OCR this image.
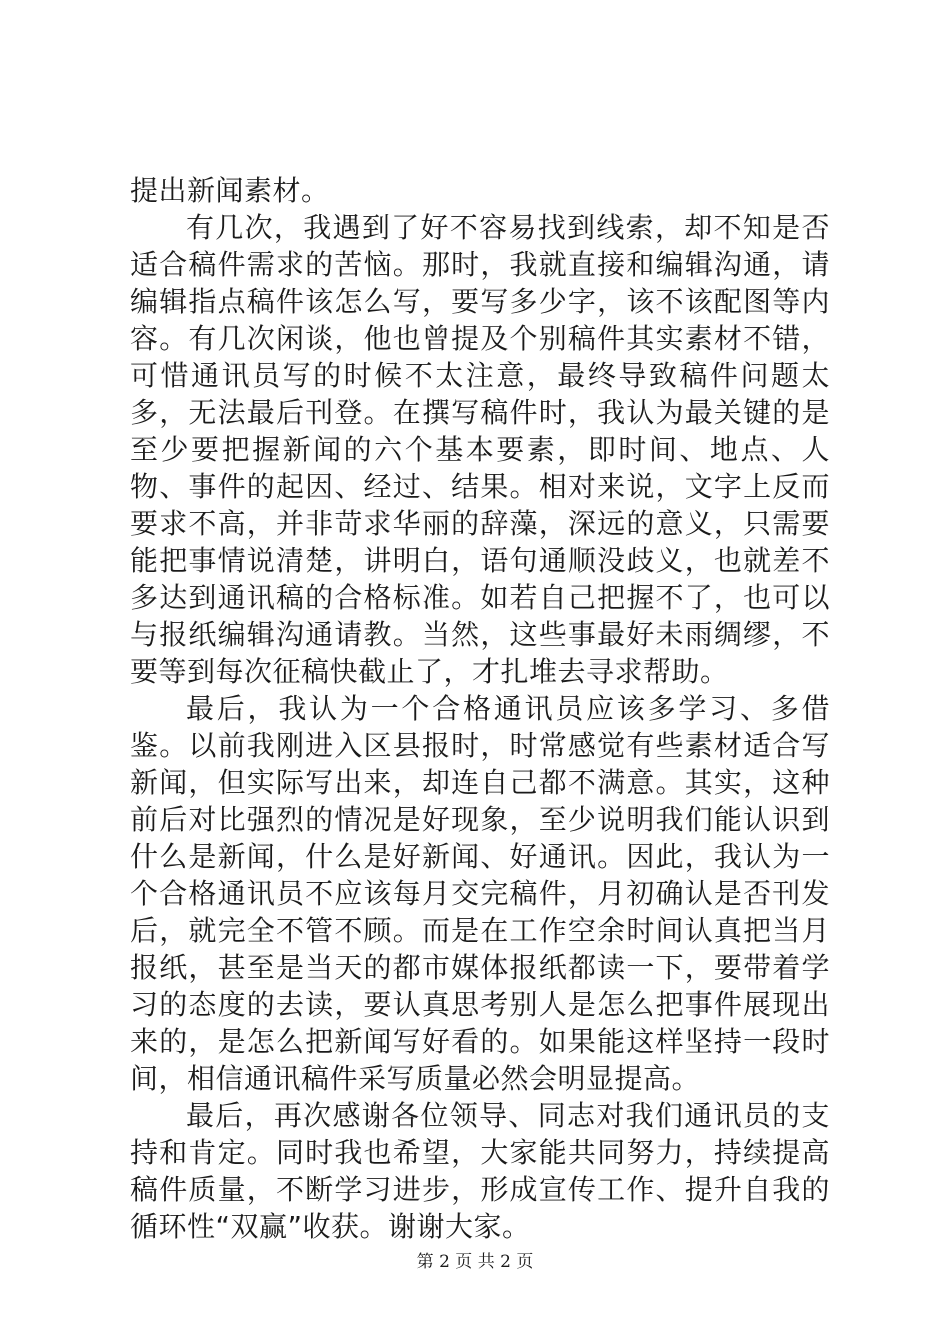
提出新闻素材。

有几次，我遇到了好不容易找到线索，却不知是否适合稿件需求的苦恼。那时，我就直接和编辑沟通，请编辑指点稿件该怎么写，要写多少字，该不该配图等内容。有几次闲谈，他也曾提及个别稿件其实素材不错，可惜通讯员写的时候不太注意，最终导致稿件问题太多，无法最后刊登。在撰写稿件时，我认为最关键的是至少要把握新闻的六个基本要素，即时间、地点、人物、事件的起因、经过、结果。相对来说，文字上反而要求不高，并非苛求华丽的辞藻，深远的意义，只需要能把事情说清楚，讲明白，语句通顺没歧义，也就差不多达到通讯稿的合格标准。如若自己把握不了，也可以与报纸编辑沟通请教。当然，这些事最好未雨绸缪，不要等到每次征稿快截止了，才扎堆去寻求帮助。

最后，我认为一个合格通讯员应该多学习、多借鉴。以前我刚进入区县报时，时常感觉有些素材适合写新闻，但实际写出来，却连自己都不满意。其实，这种前后对比强烈的情况是好现象，至少说明我们能认识到什么是新闻，什么是好新闻、好通讯。因此，我认为一个合格通讯员不应该每月交完稿件，月初确认是否刊发后，就完全不管不顾。而是在工作空余时间认真把当月报纸，甚至是当天的都市媒体报纸都读一下，要带着学习的态度的去读，要认真思考别人是怎么把事件展现出来的，是怎么把新闻写好看的。如果能这样坚持一段时间，相信通讯稿件采写质量必然会明显提高。

最后，再次感谢各位领导、同志对我们通讯员的支持和肯定。同时我也希望，大家能共同努力，持续提高稿件质量，不断学习进步，形成宣传工作、提升自我的循环性“双赢”收获。谢谢大家。

第 2 页 共 2 页
